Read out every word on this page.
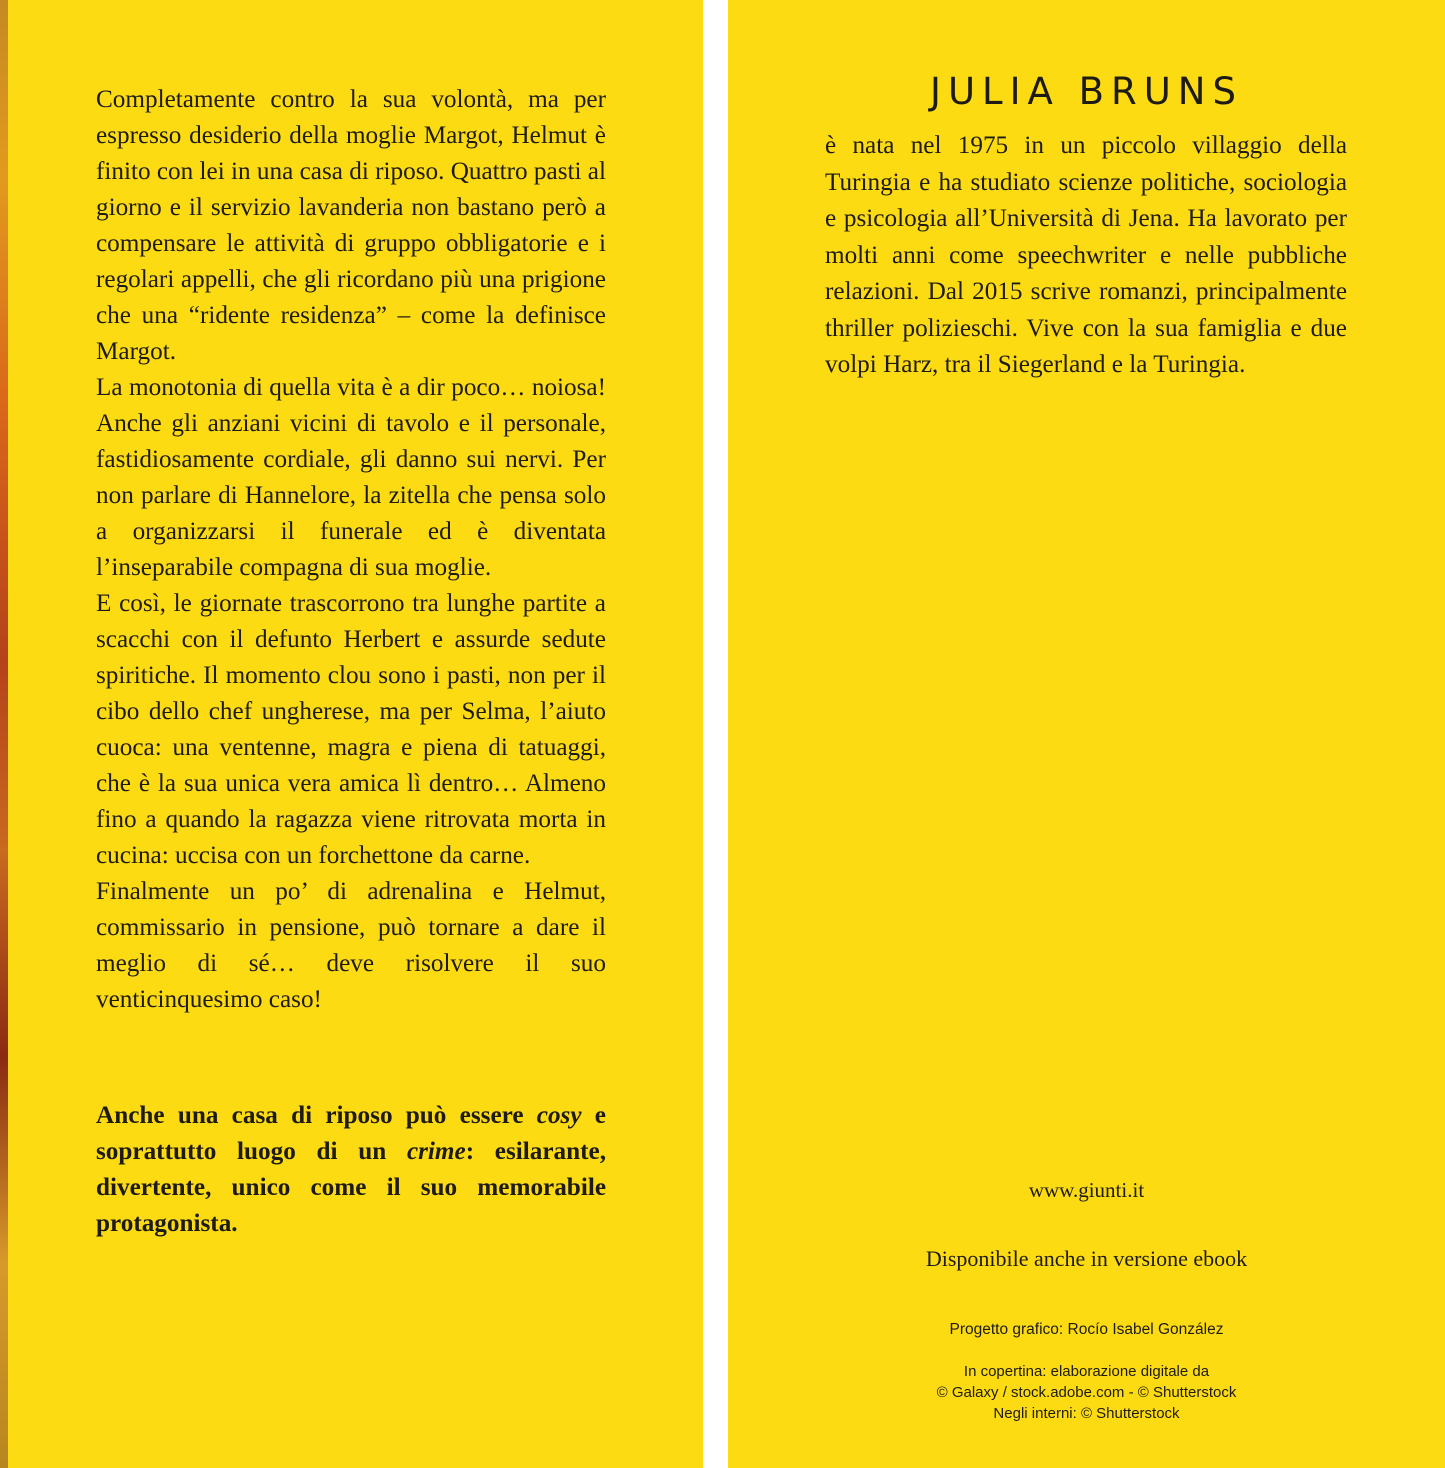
Completamente contro la sua volontà, ma per espresso desiderio della moglie Margot, Helmut è finito con lei in una casa di riposo. Quattro pasti al giorno e il servizio lavanderia non bastano però a compensare le attività di gruppo obbligatorie e i regolari appelli, che gli ricordano più una prigione che una “ridente residenza” – come la definisce Margot.

La monotonia di quella vita è a dir poco… noiosa! Anche gli anziani vicini di tavolo e il personale, fastidiosamente cordiale, gli danno sui nervi. Per non parlare di Hannelore, la zitella che pensa solo a organizzarsi il funerale ed è diventata l’inseparabile compagna di sua moglie.

E così, le giornate trascorrono tra lunghe partite a scacchi con il defunto Herbert e assurde sedute spiritiche. Il momento clou sono i pasti, non per il cibo dello chef ungherese, ma per Selma, l’aiuto cuoca: una ventenne, magra e piena di tatuaggi, che è la sua unica vera amica lì dentro… Almeno fino a quando la ragazza viene ritrovata morta in cucina: uccisa con un forchettone da carne.

Finalmente un po’ di adrenalina e Helmut, commissario in pensione, può tornare a dare il meglio di sé… deve risolvere il suo venticinquesimo caso!

Anche una casa di riposo può essere cosy e soprattutto luogo di un crime: esilarante, divertente, unico come il suo memorabile protagonista.

JULIA BRUNS

è nata nel 1975 in un piccolo villaggio della Turingia e ha studiato scienze politiche, sociologia e psicologia all’Università di Jena. Ha lavorato per molti anni come speechwriter e nelle pubbliche relazioni. Dal 2015 scrive romanzi, principalmente thriller polizieschi. Vive con la sua famiglia e due volpi Harz, tra il Siegerland e la Turingia.

www.giunti.it

Disponibile anche in versione ebook

Progetto grafico: Rocío Isabel González

In copertina: elaborazione digitale da
© Galaxy / stock.adobe.com - © Shutterstock
Negli interni: © Shutterstock
